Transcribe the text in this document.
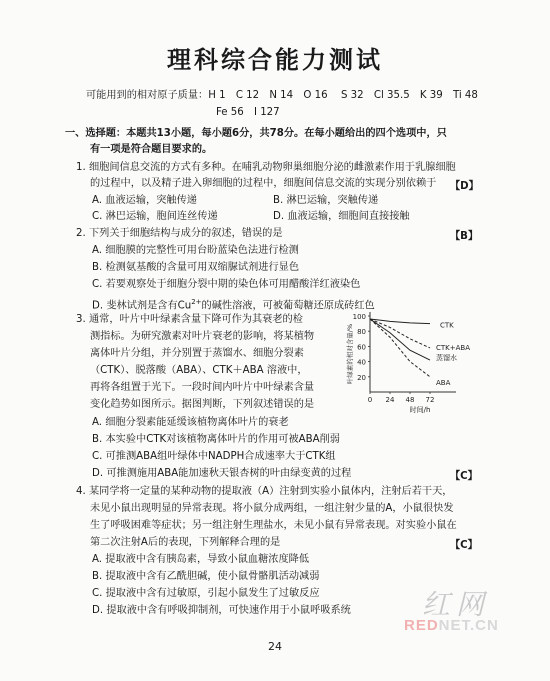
理科综合能力测试
可能用到的相对原子质量：H 1　C 12　N 14　O 16　 S 32　Cl 35.5　K 39　Ti 48
Fe 56　I 127
一、选择题：本题共13小题，每小题6分，共78分。在每小题给出的四个选项中，只
有一项是符合题目要求的。
1. 细胞间信息交流的方式有多种。在哺乳动物卵巢细胞分泌的雌激素作用于乳腺细胞
的过程中，以及精子进入卵细胞的过程中，细胞间信息交流的实现分别依赖于 【D】
A. 血液运输，突触传递	B. 淋巴运输，突触传递
C. 淋巴运输，胞间连丝传递	D. 血液运输，细胞间直接接触
2. 下列关于细胞结构与成分的叙述，错误的是	【B】
A. 细胞膜的完整性可用台盼蓝染色法进行检测
B. 检测氨基酸的含量可用双缩脲试剂进行显色
C. 若要观察处于细胞分裂中期的染色体可用醋酸洋红液染色
D. 斐林试剂是含有$Cu^{2+}$的碱性溶液，可被葡萄糖还原成砖红色
3. 通常，叶片中叶绿素含量下降可作为其衰老的检
测指标。为研究激素对叶片衰老的影响，将某植物
离体叶片分组，并分别置于蒸馏水、细胞分裂素
（CTK）、脱落酸（ABA）、CTK＋ABA 溶液中，
再将各组置于光下。一段时间内叶片中叶绿素含量
变化趋势如图所示。据图判断，下列叙述错误的是
A. 细胞分裂素能延缓该植物离体叶片的衰老
B. 本实验中CTK对该植物离体叶片的作用可被ABA削弱
C. 可推测ABA组叶绿体中NADPH合成速率大于CTK组
D. 可推测施用ABA能加速秋天银杏树的叶由绿变黄的过程	【C】
100
80
60
40
20
0 24 48 72
叶绿素的相对含量/%
时间/h
CTK
CTK+ABA
蒸馏水
ABA
4. 某同学将一定量的某种动物的提取液（A）注射到实验小鼠体内，注射后若干天，
未见小鼠出现明显的异常表现。将小鼠分成两组，一组注射少量的A，小鼠很快发
生了呼吸困难等症状；另一组注射生理盐水，未见小鼠有异常表现。对实验小鼠在
第二次注射A后的表现，下列解释合理的是	【C】
A. 提取液中含有胰岛素，导致小鼠血糖浓度降低
B. 提取液中含有乙酰胆碱，使小鼠骨骼肌活动减弱
C. 提取液中含有过敏原，引起小鼠发生了过敏反应
D. 提取液中含有呼吸抑制剂，可快速作用于小鼠呼吸系统
24
红网
REDNET.CN
